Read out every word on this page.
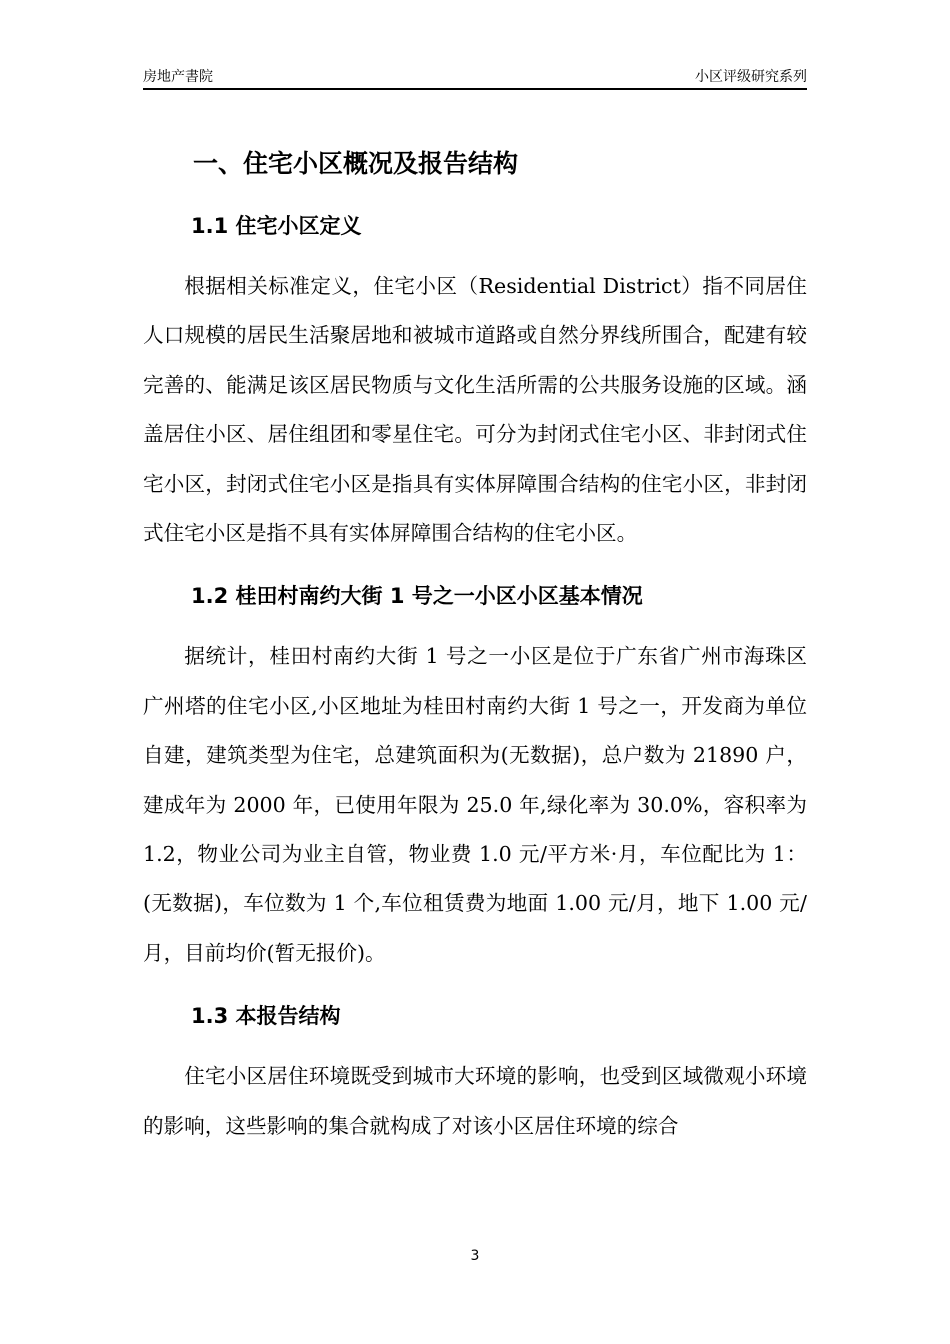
房地产書院	小区评级研究系列
一、住宅小区概况及报告结构
1.1 住宅小区定义

根据相关标准定义，住宅小区（Residential District）指不同居住人口规模的居民生活聚居地和被城市道路或自然分界线所围合，配建有较完善的、能满足该区居民物质与文化生活所需的公共服务设施的区域。涵盖居住小区、居住组团和零星住宅。可分为封闭式住宅小区、非封闭式住宅小区，封闭式住宅小区是指具有实体屏障围合结构的住宅小区，非封闭式住宅小区是指不具有实体屏障围合结构的住宅小区。

1.2 桂田村南约大街 1 号之一小区小区基本情况

据统计，桂田村南约大街 1 号之一小区是位于广东省广州市海珠区广州塔的住宅小区,小区地址为桂田村南约大街 1 号之一，开发商为单位自建，建筑类型为住宅，总建筑面积为(无数据)，总户数为 21890 户，建成年为 2000 年，已使用年限为 25.0 年,绿化率为 30.0%，容积率为 1.2，物业公司为业主自管，物业费 1.0 元/平方米·月，车位配比为 1：(无数据)，车位数为 1 个,车位租赁费为地面 1.00 元/月，地下 1.00 元/月，目前均价(暂无报价)。

1.3 本报告结构

住宅小区居住环境既受到城市大环境的影响，也受到区域微观小环境的影响，这些影响的集合就构成了对该小区居住环境的综合

3
